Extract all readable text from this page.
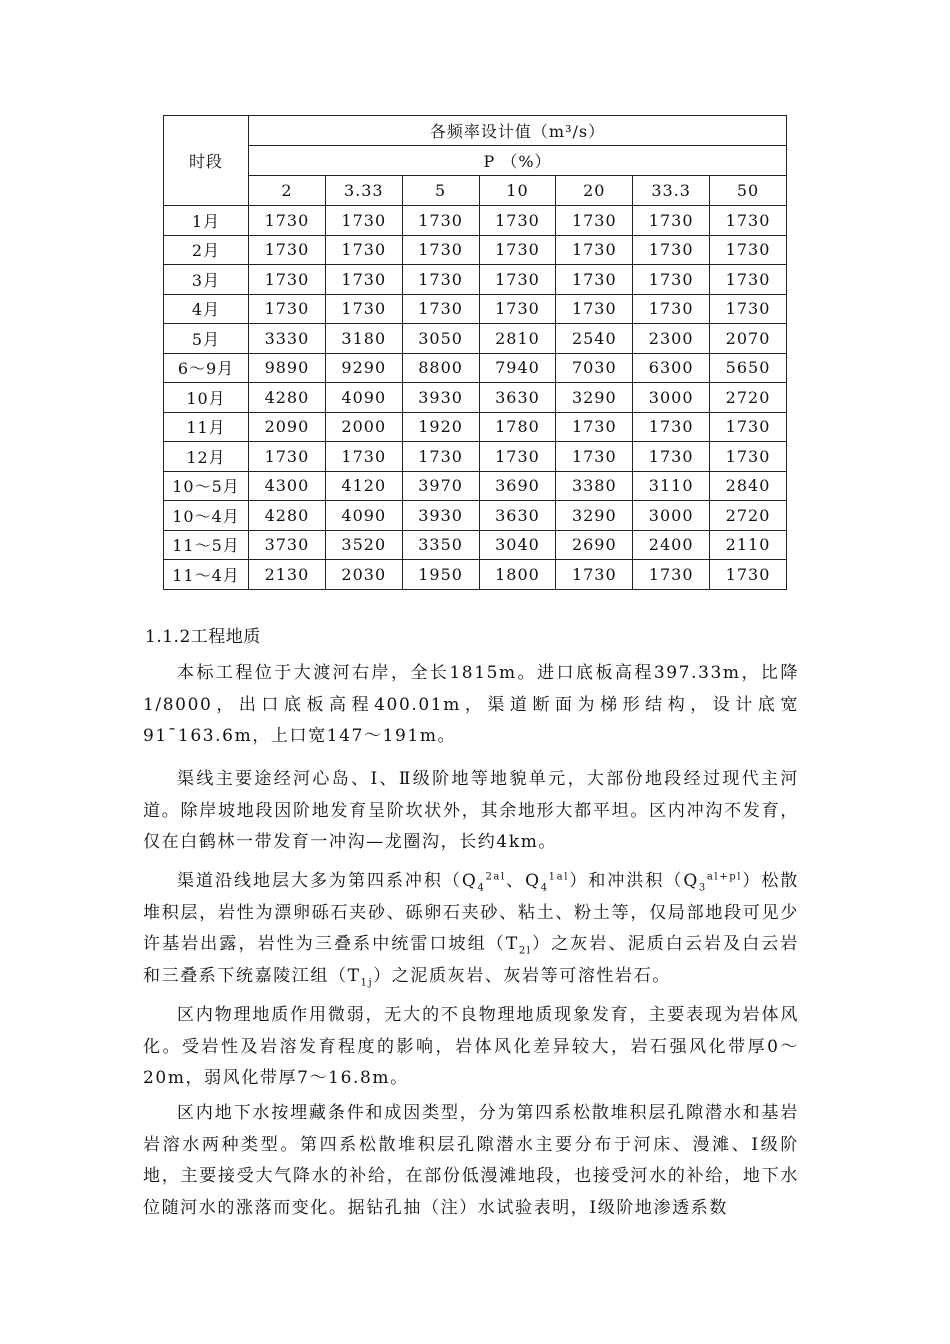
时段	各频率设计值（m³/s）						
	P （%）						
	2	3.33	5	10	20	33.3	50
1月	1730	1730	1730	1730	1730	1730	1730
2月	1730	1730	1730	1730	1730	1730	1730
3月	1730	1730	1730	1730	1730	1730	1730
4月	1730	1730	1730	1730	1730	1730	1730
5月	3330	3180	3050	2810	2540	2300	2070
6～9月	9890	9290	8800	7940	7030	6300	5650
10月	4280	4090	3930	3630	3290	3000	2720
11月	2090	2000	1920	1780	1730	1730	1730
12月	1730	1730	1730	1730	1730	1730	1730
10～5月	4300	4120	3970	3690	3380	3110	2840
10～4月	4280	4090	3930	3630	3290	3000	2720
11～5月	3730	3520	3350	3040	2690	2400	2110
11～4月	2130	2030	1950	1800	1730	1730	1730
1.1.2工程地质

本标工程位于大渡河右岸，全长1815m。进口底板高程397.33m，比降1/8000，出口底板高程400.01m，渠道断面为梯形结构，设计底宽91¯163.6m，上口宽147～191m。

渠线主要途经河心岛、Ⅰ、Ⅱ级阶地等地貌单元，大部份地段经过现代主河道。除岸坡地段因阶地发育呈阶坎状外，其余地形大都平坦。区内冲沟不发育，仅在白鹤林一带发育一冲沟—龙圈沟，长约4km。

渠道沿线地层大多为第四系冲积（$Q_4^{2al}$、$Q_4^{1al}$）和冲洪积$(Q_3^{al+pl})$松散堆积层，岩性为漂卵砾石夹砂、砾卵石夹砂、粘土、粉土等，仅局部地段可见少许基岩出露，岩性为三叠系中统雷口坡组$(T_{2l})$之灰岩、泥质白云岩及白云岩和三叠系下统嘉陵江组$(T_{1j})$之泥质灰岩、灰岩等可溶性岩石。

区内物理地质作用微弱，无大的不良物理地质现象发育，主要表现为岩体风化。受岩性及岩溶发育程度的影响，岩体风化差异较大，岩石强风化带厚0～20m，弱风化带厚7～16.8m。

区内地下水按埋藏条件和成因类型，分为第四系松散堆积层孔隙潜水和基岩岩溶水两种类型。第四系松散堆积层孔隙潜水主要分布于河床、漫滩、Ⅰ级阶地，主要接受大气降水的补给，在部份低漫滩地段，也接受河水的补给，地下水位随河水的涨落而变化。据钻孔抽（注）水试验表明，Ⅰ级阶地渗透系数
